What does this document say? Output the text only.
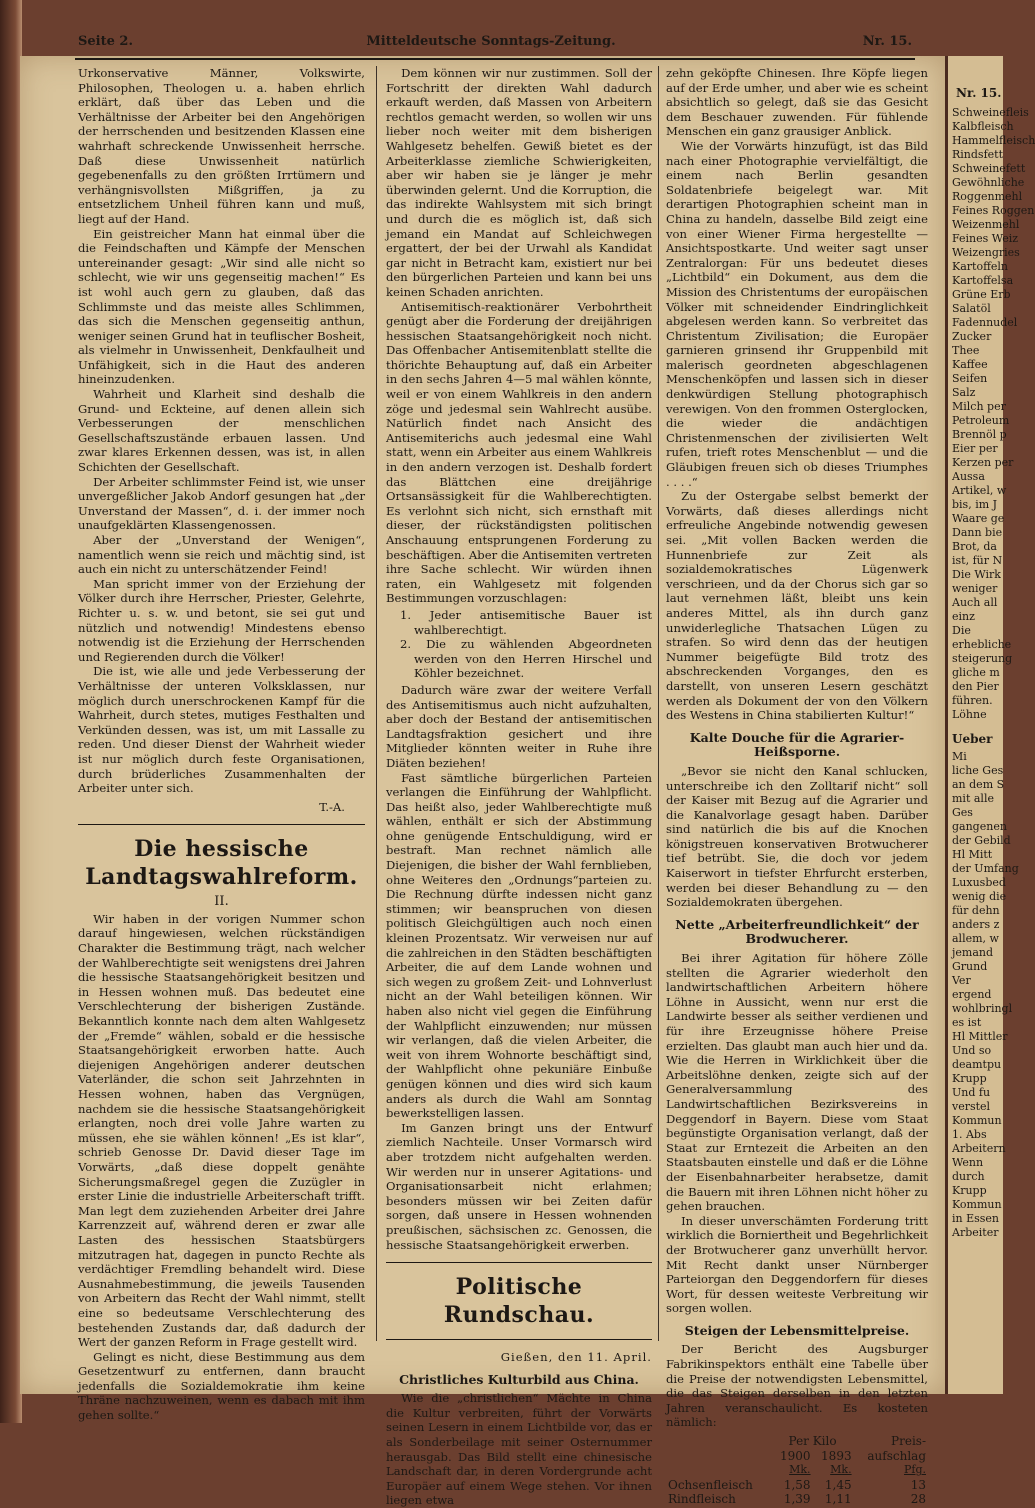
Seite 2.	Mitteldeutsche Sonntags-Zeitung.	Nr. 15.

Urkonservative Männer, Volkswirte, Philosophen, Theologen u. a. haben ehrlich erklärt, daß über das Leben und die Verhältnisse der Arbeiter bei den Angehörigen der herrschenden und besitzenden Klassen eine wahrhaft schreckende Unwissenheit herrsche. Daß diese Unwissenheit natürlich gegebenenfalls zu den größten Irrtümern und verhängnisvollsten Mißgriffen, ja zu entsetzlichem Unheil führen kann und muß, liegt auf der Hand.

Ein geistreicher Mann hat einmal über die die Feindschaften und Kämpfe der Menschen untereinander gesagt: „Wir sind alle nicht so schlecht, wie wir uns gegenseitig machen!“ Es ist wohl auch gern zu glauben, daß das Schlimmste und das meiste alles Schlimmen, das sich die Menschen gegenseitig anthun, weniger seinen Grund hat in teuflischer Bosheit, als vielmehr in Unwissenheit, Denkfaulheit und Unfähigkeit, sich in die Haut des anderen hineinzudenken.

Wahrheit und Klarheit sind deshalb die Grund- und Eckteine, auf denen allein sich Verbesserungen der menschlichen Gesellschaftszustände erbauen lassen. Und zwar klares Erkennen dessen, was ist, in allen Schichten der Gesellschaft.

Der Arbeiter schlimmster Feind ist, wie unser unvergeßlicher Jakob Andorf gesungen hat „der Unverstand der Massen“, d. i. der immer noch unaufgeklärten Klassengenossen.

Aber der „Unverstand der Wenigen“, namentlich wenn sie reich und mächtig sind, ist auch ein nicht zu unterschätzender Feind!

Man spricht immer von der Erziehung der Völker durch ihre Herrscher, Priester, Gelehrte, Richter u. s. w. und betont, sie sei gut und nützlich und notwendig! Mindestens ebenso notwendig ist die Erziehung der Herrschenden und Regierenden durch die Völker!

Die ist, wie alle und jede Verbesserung der Verhältnisse der unteren Volksklassen, nur möglich durch unerschrockenen Kampf für die Wahrheit, durch stetes, mutiges Festhalten und Verkünden dessen, was ist, um mit Lassalle zu reden. Und dieser Dienst der Wahrheit wieder ist nur möglich durch feste Organisationen, durch brüderliches Zusammenhalten der Arbeiter unter sich.

T.-A.
Die hessische Landtagswahlreform.
II.

Wir haben in der vorigen Nummer schon darauf hingewiesen, welchen rückständigen Charakter die Bestimmung trägt, nach welcher der Wahlberechtigte seit wenigstens drei Jahren die hessische Staatsangehörigkeit besitzen und in Hessen wohnen muß. Das bedeutet eine Verschlechterung der bisherigen Zustände. Bekanntlich konnte nach dem alten Wahlgesetz der „Fremde“ wählen, sobald er die hessische Staatsangehörigkeit erworben hatte. Auch diejenigen Angehörigen anderer deutschen Vaterländer, die schon seit Jahrzehnten in Hessen wohnen, haben das Vergnügen, nachdem sie die hessische Staatsangehörigkeit erlangten, noch drei volle Jahre warten zu müssen, ehe sie wählen können! „Es ist klar“, schrieb Genosse Dr. David dieser Tage im Vorwärts, „daß diese doppelt genähte Sicherungsmaßregel gegen die Zuzügler in erster Linie die industrielle Arbeiterschaft trifft. Man legt dem zuziehenden Arbeiter drei Jahre Karrenzzeit auf, während deren er zwar alle Lasten des hessischen Staatsbürgers mitzutragen hat, dagegen in puncto Rechte als verdächtiger Fremdling behandelt wird. Diese Ausnahmebestimmung, die jeweils Tausenden von Arbeitern das Recht der Wahl nimmt, stellt eine so bedeutsame Verschlechterung des bestehenden Zustands dar, daß dadurch der Wert der ganzen Reform in Frage gestellt wird.

Gelingt es nicht, diese Bestimmung aus dem Gesetzentwurf zu entfernen, dann braucht jedenfalls die Sozialdemokratie ihm keine Thräne nachzuweinen, wenn es dabach mit ihm gehen sollte.“

Dem können wir nur zustimmen. Soll der Fortschritt der direkten Wahl dadurch erkauft werden, daß Massen von Arbeitern rechtlos gemacht werden, so wollen wir uns lieber noch weiter mit dem bisherigen Wahlgesetz behelfen. Gewiß bietet es der Arbeiterklasse ziemliche Schwierigkeiten, aber wir haben sie je länger je mehr überwinden gelernt. Und die Korruption, die das indirekte Wahlsystem mit sich bringt und durch die es möglich ist, daß sich jemand ein Mandat auf Schleichwegen ergattert, der bei der Urwahl als Kandidat gar nicht in Betracht kam, existiert nur bei den bürgerlichen Parteien und kann bei uns keinen Schaden anrichten.

Antisemitisch-reaktionärer Verbohrtheit genügt aber die Forderung der dreijährigen hessischen Staatsangehörigkeit noch nicht. Das Offenbacher Antisemitenblatt stellte die thörichte Behauptung auf, daß ein Arbeiter in den sechs Jahren 4—5 mal wählen könnte, weil er von einem Wahlkreis in den andern zöge und jedesmal sein Wahlrecht ausübe. Natürlich findet nach Ansicht des Antisemiterichs auch jedesmal eine Wahl statt, wenn ein Arbeiter aus einem Wahlkreis in den andern verzogen ist. Deshalb fordert das Blättchen eine dreijährige Ortsansässigkeit für die Wahlberechtigten. Es verlohnt sich nicht, sich ernsthaft mit dieser, der rückständigsten politischen Anschauung entsprungenen Forderung zu beschäftigen. Aber die Antisemiten vertreten ihre Sache schlecht. Wir würden ihnen raten, ein Wahlgesetz mit folgenden Bestimmungen vorzuschlagen:

1. Jeder antisemitische Bauer ist wahlberechtigt.
2. Die zu wählenden Abgeordneten werden von den Herren Hirschel und Köhler bezeichnet.

Dadurch wäre zwar der weitere Verfall des Antisemitismus auch nicht aufzuhalten, aber doch der Bestand der antisemitischen Landtagsfraktion gesichert und ihre Mitglieder könnten weiter in Ruhe ihre Diäten beziehen!

Fast sämtliche bürgerlichen Parteien verlangen die Einführung der Wahlpflicht. Das heißt also, jeder Wahlberechtigte muß wählen, enthält er sich der Abstimmung ohne genügende Entschuldigung, wird er bestraft. Man rechnet nämlich alle Diejenigen, die bisher der Wahl fernblieben, ohne Weiteres den „Ordnungs“parteien zu. Die Rechnung dürfte indessen nicht ganz stimmen; wir beanspruchen von diesen politisch Gleichgültigen auch noch einen kleinen Prozentsatz. Wir verweisen nur auf die zahlreichen in den Städten beschäftigten Arbeiter, die auf dem Lande wohnen und sich wegen zu großem Zeit- und Lohnverlust nicht an der Wahl beteiligen können. Wir haben also nicht viel gegen die Einführung der Wahlpflicht einzuwenden; nur müssen wir verlangen, daß die vielen Arbeiter, die weit von ihrem Wohnorte beschäftigt sind, der Wahlpflicht ohne pekuniäre Einbuße genügen können und dies wird sich kaum anders als durch die Wahl am Sonntag bewerkstelligen lassen.

Im Ganzen bringt uns der Entwurf ziemlich Nachteile. Unser Vormarsch wird aber trotzdem nicht aufgehalten werden. Wir werden nur in unserer Agitations- und Organisationsarbeit nicht erlahmen; besonders müssen wir bei Zeiten dafür sorgen, daß unsere in Hessen wohnenden preußischen, sächsischen zc. Genossen, die hessische Staatsangehörigkeit erwerben.

Politische Rundschau.
Gießen, den 11. April.
Christliches Kulturbild aus China.

Wie die „christlichen“ Mächte in China die Kultur verbreiten, führt der Vorwärts seinen Lesern in einem Lichtbilde vor, das er als Sonderbeilage mit seiner Osternummer herausgab. Das Bild stellt eine chinesische Landschaft dar, in deren Vordergrunde acht Europäer auf einem Wege stehen. Vor ihnen liegen etwa

zehn geköpfte Chinesen. Ihre Köpfe liegen auf der Erde umher, und aber wie es scheint absichtlich so gelegt, daß sie das Gesicht dem Beschauer zuwenden. Für fühlende Menschen ein ganz grausiger Anblick.

Wie der Vorwärts hinzufügt, ist das Bild nach einer Photographie vervielfältigt, die einem nach Berlin gesandten Soldatenbriefe beigelegt war. Mit derartigen Photographien scheint man in China zu handeln, dasselbe Bild zeigt eine von einer Wiener Firma hergestellte — Ansichtspostkarte. Und weiter sagt unser Zentralorgan: Für uns bedeutet dieses „Lichtbild“ ein Dokument, aus dem die Mission des Christentums der europäischen Völker mit schneidender Eindringlichkeit abgelesen werden kann. So verbreitet das Christentum Zivilisation; die Europäer garnieren grinsend ihr Gruppenbild mit malerisch geordneten abgeschlagenen Menschenköpfen und lassen sich in dieser denkwürdigen Stellung photographisch verewigen. Von den frommen Osterglocken, die wieder die andächtigen Christenmenschen der zivilisierten Welt rufen, trieft rotes Menschenblut — und die Gläubigen freuen sich ob dieses Triumphes . . . .“

Zu der Ostergabe selbst bemerkt der Vorwärts, daß dieses allerdings nicht erfreuliche Angebinde notwendig gewesen sei. „Mit vollen Backen werden die Hunnenbriefe zur Zeit als sozialdemokratisches Lügenwerk verschrieen, und da der Chorus sich gar so laut vernehmen läßt, bleibt uns kein anderes Mittel, als ihn durch ganz unwiderlegliche Thatsachen Lügen zu strafen. So wird denn das der heutigen Nummer beigefügte Bild trotz des abschreckenden Vorganges, den es darstellt, von unseren Lesern geschätzt werden als Dokument der von den Völkern des Westens in China stabilierten Kultur!“

Kalte Douche für die Agrarier-Heißsporne.

„Bevor sie nicht den Kanal schlucken, unterschreibe ich den Zolltarif nicht“ soll der Kaiser mit Bezug auf die Agrarier und die Kanalvorlage gesagt haben. Darüber sind natürlich die bis auf die Knochen königstreuen konservativen Brotwucherer tief betrübt. Sie, die doch vor jedem Kaiserwort in tiefster Ehrfurcht ersterben, werden bei dieser Behandlung zu — den Sozialdemokraten übergehen.

Nette „Arbeiterfreundlichkeit“ der Brodwucherer.

Bei ihrer Agitation für höhere Zölle stellten die Agrarier wiederholt den landwirtschaftlichen Arbeitern höhere Löhne in Aussicht, wenn nur erst die Landwirte besser als seither verdienen und für ihre Erzeugnisse höhere Preise erzielten. Das glaubt man auch hier und da. Wie die Herren in Wirklichkeit über die Arbeitslöhne denken, zeigte sich auf der Generalversammlung des Landwirtschaftlichen Bezirksvereins in Deggendorf in Bayern. Diese vom Staat begünstigte Organisation verlangt, daß der Staat zur Erntezeit die Arbeiten an den Staatsbauten einstelle und daß er die Löhne der Eisenbahnarbeiter herabsetze, damit die Bauern mit ihren Löhnen nicht höher zu gehen brauchen.

In dieser unverschämten Forderung tritt wirklich die Borniertheit und Begehrlichkeit der Brotwucherer ganz unverhüllt hervor. Mit Recht dankt unser Nürnberger Parteiorgan den Deggendorfern für dieses Wort, für dessen weiteste Verbreitung wir sorgen wollen.

Steigen der Lebensmittelpreise.

Der Bericht des Augsburger Fabrikinspektors enthält eine Tabelle über die Preise der notwendigsten Lebensmittel, die das Steigen derselben in den letzten Jahren veranschaulicht. Es kosteten nämlich:

	Per Kilo		Preis-
	1900	1893	aufschlag
	Mk.	Mk.	Pfg.
Ochsenfleisch	1,58	1,45	13
Rindfleisch	1,39	1,11	28
Nr. 15.
Schweinefleis
Kalbfleisch
Hammelfleisch
Rindsfett
Schweinefett
Gewöhnliche
Roggenmehl
Feines Roggen
Weizenmehl
Feines Weiz
Weizengries
Kartoffeln
Kartoffelsa
Grüne Erb
Salatöl
Fadennudel
Zucker
Thee
Kaffee
Seifen
Salz
Milch per
Petroleum
Brennöl p
Eier per
Kerzen per
Aussa
Artikel, w
bis, im J
Waare ge
Dann bie
Brot, da
ist, für N
Die Wirk
weniger
Auch all
einz
Die
erhebliche
steigerung
gliche m
den Pier
führen.
Löhne
Ueber
Mi
liche Ges
an dem S
mit alle
Ges
gangenen
der Gebild
Hl Mitt
der Umfang
Luxusbed
wenig die
für dehn
anders z
allem, w
jemand
Grund
Ver
ergend
wohlbringl
es ist
Hl Mittler
Und so
deamtpu
Krupp
Und fu
verstel
Kommun
1. Abs
Arbeitern
Wenn
durch
Krupp
Kommun
in Essen
Arbeiter
